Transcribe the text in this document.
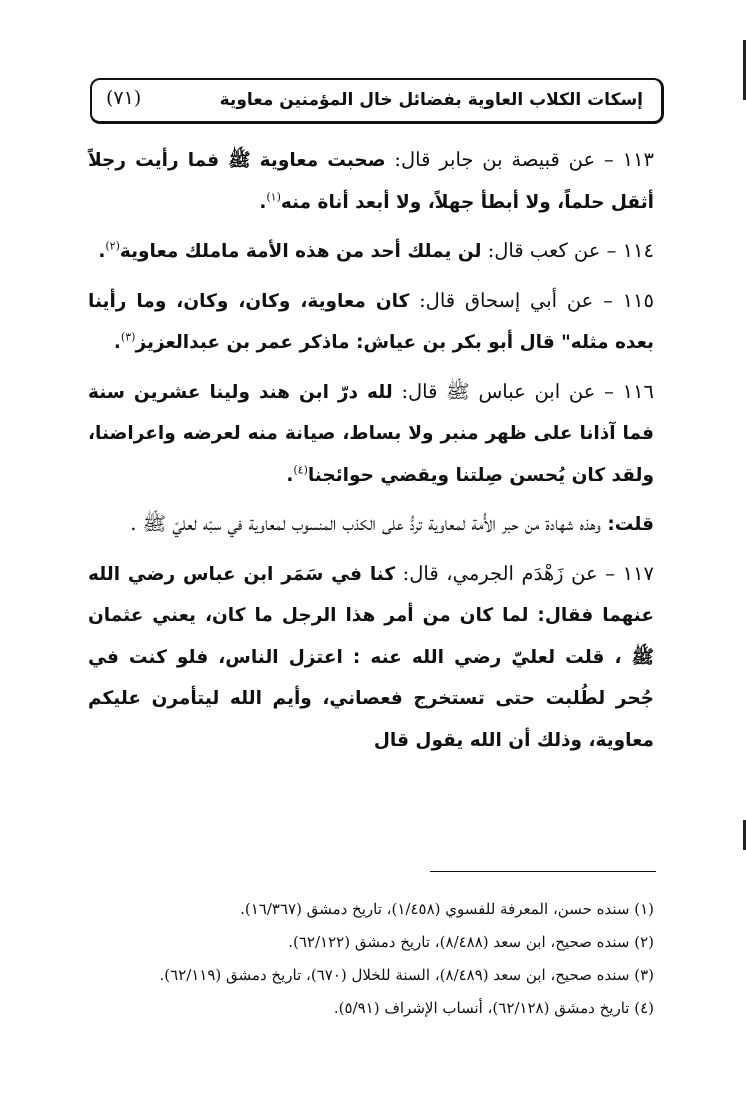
إسكات الكلاب العاوية بفضائل خال المؤمنين معاوية
(٧١)

١١٣ – عن قبيصة بن جابر قال: صحبت معاوية ﷺ فما رأيت رجلاً أثقل حلماً، ولا أبطأ جهلاً، ولا أبعد أناة منه$^{(١)}$.

١١٤ – عن كعب قال: لن يملك أحد من هذه الأمة ماملك معاوية$^{(٢)}$.

١١٥ – عن أبي إسحاق قال: كان معاوية، وكان، وكان، وما رأينا بعده مثله" قال أبو بكر بن عياش: ماذكر عمر بن عبدالعزيز$^{(٣)}$.

١١٦ – عن ابن عباس ﷺ قال: لله درّ ابن هند ولينا عشرين سنة فما آذانا على ظهر منبر ولا بساط، صيانة منه لعرضه واعراضنا، ولقد كان يُحسن صِلتنا ويقضي حوائجنا$^{(٤)}$.

قلت: وهذه شهادة من حبر الأُمة لمعاوية تردُّ على الكذب المنسوب لمعاوية في سبّه لعليّ ﷺ .

١١٧ – عن زَهْدَم الجرمي، قال: كنا في سَمَر ابن عباس رضي الله عنهما فقال: لما كان من أمر هذا الرجل ما كان، يعني عثمان ﷺ ، قلت لعليّ رضي الله عنه : اعتزل الناس، فلو كنت في جُحر لطُلبت حتى تستخرج فعصاني، وأيم الله ليتأمرن عليكم معاوية، وذلك أن الله يقول قال

(١) سنده حسن، المعرفة للفسوي (١/٤٥٨)، تاريخ دمشق (١٦/٣٦٧).

(٢) سنده صحيح، ابن سعد (٨/٤٨٨)، تاريخ دمشق (٦٢/١٢٢).

(٣) سنده صحيح، ابن سعد (٨/٤٨٩)، السنة للخلال (٦٧٠)، تاريخ دمشق (٦٢/١١٩).

(٤) تاريخ دمشق (٦٢/١٢٨)، أنساب الإشراف (٥/٩١).
